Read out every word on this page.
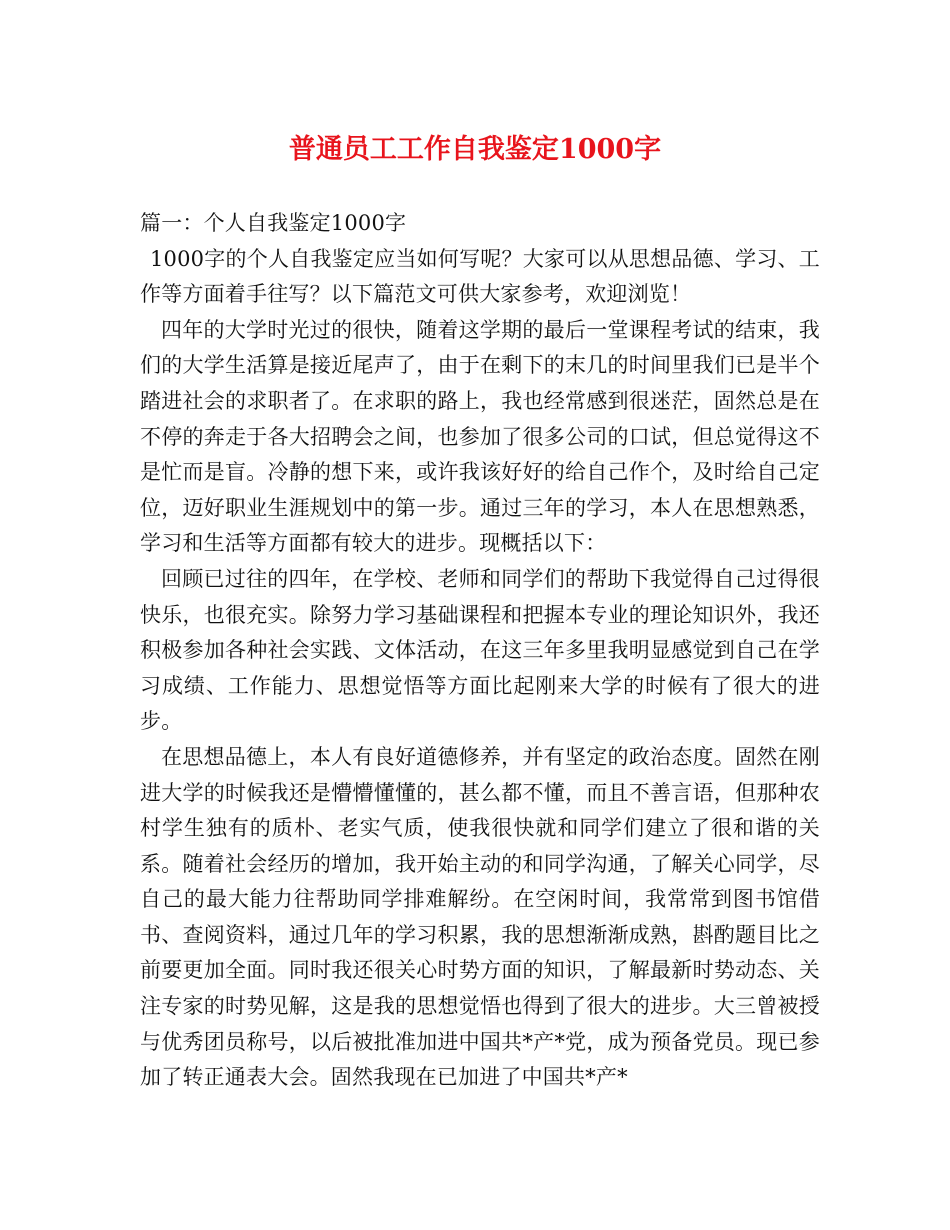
普通员工工作自我鉴定1000字

篇一：个人自我鉴定1000字

1000字的个人自我鉴定应当如何写呢？大家可以从思想品德、学习、工作等方面着手往写？以下篇范文可供大家参考，欢迎浏览！

四年的大学时光过的很快，随着这学期的最后一堂课程考试的结束，我们的大学生活算是接近尾声了，由于在剩下的末几的时间里我们已是半个踏进社会的求职者了。在求职的路上，我也经常感到很迷茫，固然总是在不停的奔走于各大招聘会之间，也参加了很多公司的口试，但总觉得这不是忙而是盲。冷静的想下来，或许我该好好的给自己作个，及时给自己定位，迈好职业生涯规划中的第一步。通过三年的学习，本人在思想熟悉，学习和生活等方面都有较大的进步。现概括以下：

回顾已过往的四年，在学校、老师和同学们的帮助下我觉得自己过得很快乐，也很充实。除努力学习基础课程和把握本专业的理论知识外，我还积极参加各种社会实践、文体活动，在这三年多里我明显感觉到自己在学习成绩、工作能力、思想觉悟等方面比起刚来大学的时候有了很大的进步。

在思想品德上，本人有良好道德修养，并有坚定的政治态度。固然在刚进大学的时候我还是懵懵懂懂的，甚么都不懂，而且不善言语，但那种农村学生独有的质朴、老实气质，使我很快就和同学们建立了很和谐的关系。随着社会经历的增加，我开始主动的和同学沟通，了解关心同学，尽自己的最大能力往帮助同学排难解纷。在空闲时间，我常常到图书馆借书、查阅资料，通过几年的学习积累，我的思想渐渐成熟，斟酌题目比之前要更加全面。同时我还很关心时势方面的知识，了解最新时势动态、关注专家的时势见解，这是我的思想觉悟也得到了很大的进步。大三曾被授与优秀团员称号，以后被批准加进中国共*产*党，成为预备党员。现已参加了转正通表大会。固然我现在已加进了中国共*产*
